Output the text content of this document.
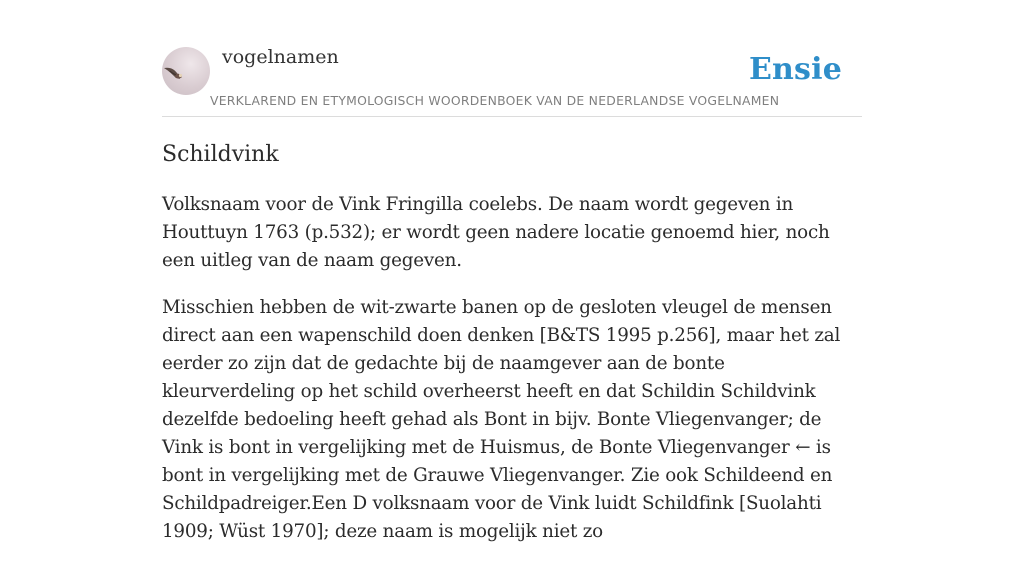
vogelnamen	Ensie
VERKLAREND EN ETYMOLOGISCH WOORDENBOEK VAN DE NEDERLANDSE VOGELNAMEN
Schildvink

Volksnaam voor de Vink Fringilla coelebs. De naam wordt gegeven in Houttuyn 1763 (p.532); er wordt geen nadere locatie genoemd hier, noch een uitleg van de naam gegeven.

Misschien hebben de wit-zwarte banen op de gesloten vleugel de mensen direct aan een wapenschild doen denken [B&TS 1995 p.256], maar het zal eerder zo zijn dat de gedachte bij de naamgever aan de bonte kleurverdeling op het schild overheerst heeft en dat Schildin Schildvink dezelfde bedoeling heeft gehad als Bont in bijv. Bonte Vliegenvanger; de Vink is bont in vergelijking met de Huismus, de Bonte Vliegenvanger ← is bont in vergelijking met de Grauwe Vliegenvanger. Zie ook Schildeend en Schildpadreiger.Een D volksnaam voor de Vink luidt Schildfink [Suolahti 1909; Wüst 1970]; deze naam is mogelijk niet zo
